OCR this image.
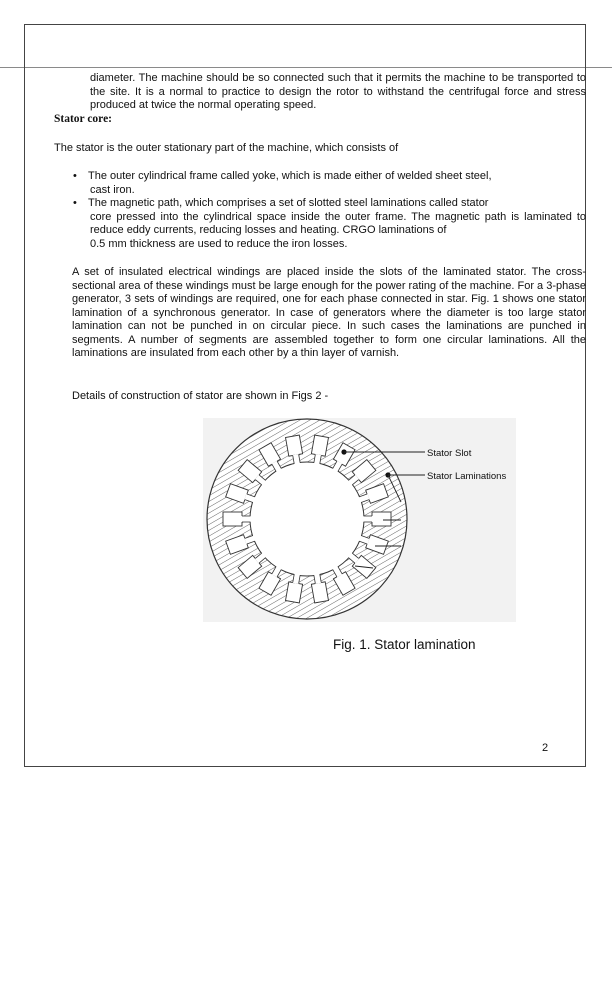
diameter. The machine should be so connected such that it permits the machine to be transported to the site. It is a normal to practice to design the rotor to withstand the centrifugal force and stress produced at twice the normal operating speed.
Stator core:
The stator is the outer stationary part of the machine, which consists of
• The outer cylindrical frame called yoke, which is made either of welded sheet steel,
cast iron.
• The magnetic path, which comprises a set of slotted steel laminations called stator
core pressed into the cylindrical space inside the outer frame. The magnetic path is laminated to reduce eddy currents, reducing losses and heating. CRGO laminations of
0.5 mm thickness are used to reduce the iron losses.
A set of insulated electrical windings are placed inside the slots of the laminated stator. The cross-sectional area of these windings must be large enough for the power rating of the machine. For a 3-phase generator, 3 sets of windings are required, one for each phase connected in star. Fig. 1 shows one stator lamination of a synchronous generator. In case of generators where the diameter is too large stator lamination can not be punched in on circular piece. In such cases the laminations are punched in segments. A number of segments are assembled together to form one circular laminations. All the laminations are insulated from each other by a thin layer of varnish.
Details of construction of stator are shown in Figs 2 -
Stator Slot
Stator Laminations
Fig. 1. Stator lamination
2
